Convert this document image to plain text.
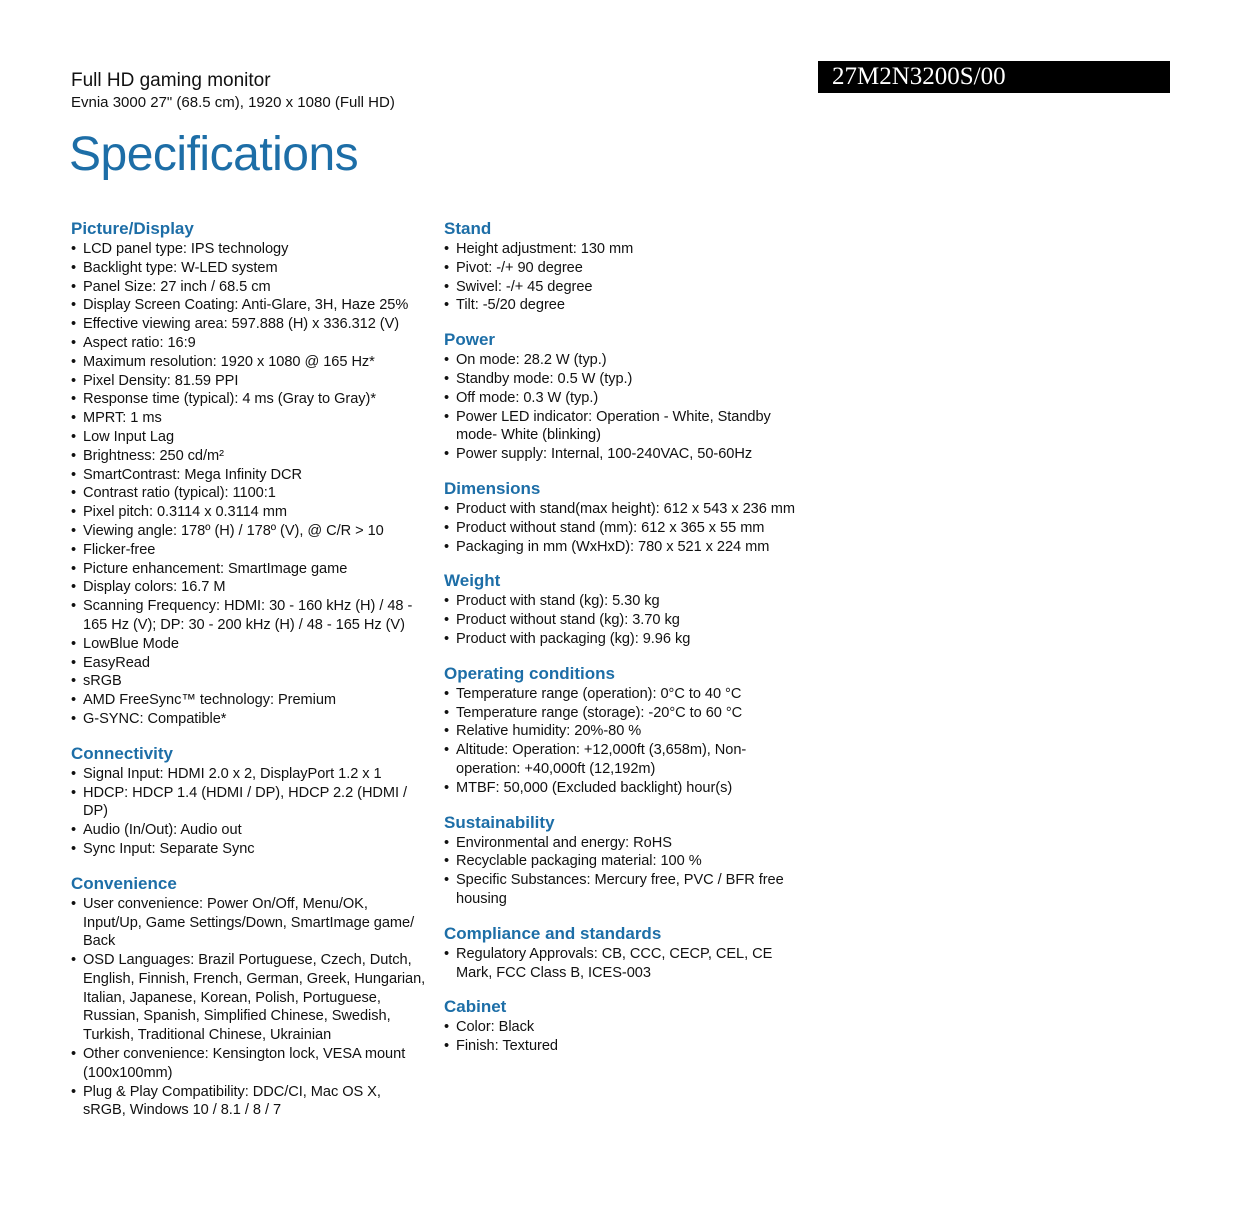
27M2N3200S/00
Full HD gaming monitor
Evnia 3000 27" (68.5 cm), 1920 x 1080 (Full HD)
Specifications
Picture/Display
• LCD panel type: IPS technology
• Backlight type: W-LED system
• Panel Size: 27 inch / 68.5 cm
• Display Screen Coating: Anti-Glare, 3H, Haze 25%
• Effective viewing area: 597.888 (H) x 336.312 (V)
• Aspect ratio: 16:9
• Maximum resolution: 1920 x 1080 @ 165 Hz*
• Pixel Density: 81.59 PPI
• Response time (typical): 4 ms (Gray to Gray)*
• MPRT: 1 ms
• Low Input Lag
• Brightness: 250 cd/m²
• SmartContrast: Mega Infinity DCR
• Contrast ratio (typical): 1100:1
• Pixel pitch: 0.3114 x 0.3114 mm
• Viewing angle: 178º (H) / 178º (V), @ C/R > 10
• Flicker-free
• Picture enhancement: SmartImage game
• Display colors: 16.7 M
• Scanning Frequency: HDMI: 30 - 160 kHz (H) / 48 - 165 Hz (V); DP: 30 - 200 kHz (H) / 48 - 165 Hz (V)
• LowBlue Mode
• EasyRead
• sRGB
• AMD FreeSync™ technology: Premium
• G-SYNC: Compatible*
Connectivity
• Signal Input: HDMI 2.0 x 2, DisplayPort 1.2 x 1
• HDCP: HDCP 1.4 (HDMI / DP), HDCP 2.2 (HDMI / DP)
• Audio (In/Out): Audio out
• Sync Input: Separate Sync
Convenience
• User convenience: Power On/Off, Menu/OK, Input/Up, Game Settings/Down, SmartImage game/ Back
• OSD Languages: Brazil Portuguese, Czech, Dutch, English, Finnish, French, German, Greek, Hungarian, Italian, Japanese, Korean, Polish, Portuguese, Russian, Spanish, Simplified Chinese, Swedish, Turkish, Traditional Chinese, Ukrainian
• Other convenience: Kensington lock, VESA mount (100x100mm)
• Plug & Play Compatibility: DDC/CI, Mac OS X, sRGB, Windows 10 / 8.1 / 8 / 7
Stand
• Height adjustment: 130 mm
• Pivot: -/+ 90 degree
• Swivel: -/+ 45 degree
• Tilt: -5/20 degree
Power
• On mode: 28.2 W (typ.)
• Standby mode: 0.5 W (typ.)
• Off mode: 0.3 W (typ.)
• Power LED indicator: Operation - White, Standby mode- White (blinking)
• Power supply: Internal, 100-240VAC, 50-60Hz
Dimensions
• Product with stand(max height): 612 x 543 x 236 mm
• Product without stand (mm): 612 x 365 x 55 mm
• Packaging in mm (WxHxD): 780 x 521 x 224 mm
Weight
• Product with stand (kg): 5.30 kg
• Product without stand (kg): 3.70 kg
• Product with packaging (kg): 9.96 kg
Operating conditions
• Temperature range (operation): 0°C to 40 °C
• Temperature range (storage): -20°C to 60 °C
• Relative humidity: 20%-80 %
• Altitude: Operation: +12,000ft (3,658m), Non-operation: +40,000ft (12,192m)
• MTBF: 50,000 (Excluded backlight) hour(s)
Sustainability
• Environmental and energy: RoHS
• Recyclable packaging material: 100 %
• Specific Substances: Mercury free, PVC / BFR free housing
Compliance and standards
• Regulatory Approvals: CB, CCC, CECP, CEL, CE Mark, FCC Class B, ICES-003
Cabinet
• Color: Black
• Finish: Textured
